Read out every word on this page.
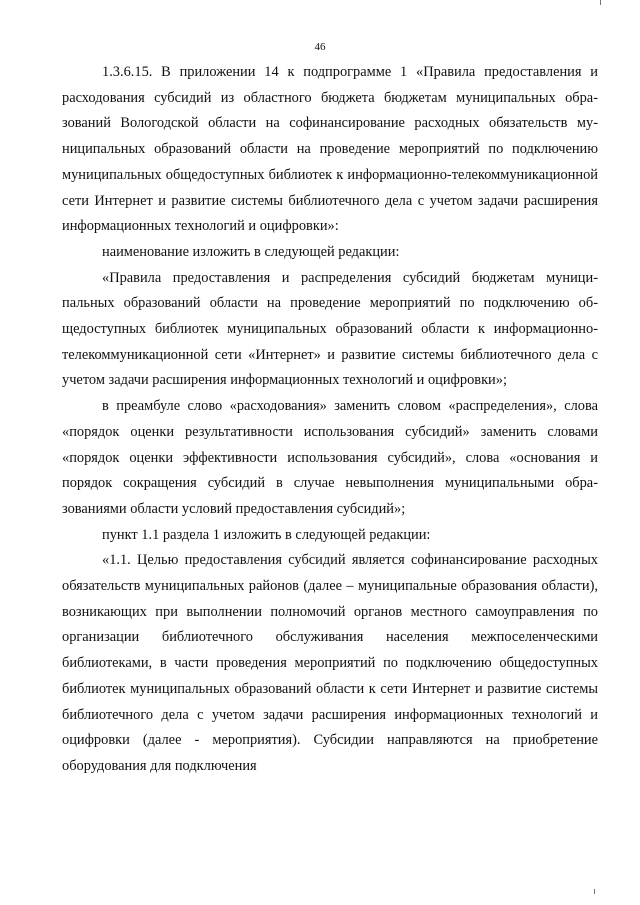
46

1.3.6.15. В приложении 14 к подпрограмме 1 «Правила предоставления и расходования субсидий из областного бюджета бюджетам муниципальных образований Вологодской области на софинансирование расходных обязательств муниципальных образований области на проведение мероприятий по подключению муниципальных общедоступных библиотек к информационно-телекоммуникационной сети Интернет и развитие системы библиотечного дела с учетом задачи расширения информационных технологий и оцифровки»:

наименование изложить в следующей редакции:

«Правила предоставления и распределения субсидий бюджетам муниципальных образований области на проведение мероприятий по подключению общедоступных библиотек муниципальных образований области к информационно-телекоммуникационной сети «Интернет» и развитие системы библиотечного дела с учетом задачи расширения информационных технологий и оцифровки»;

в преамбуле слово «расходования» заменить словом «распределения», слова «порядок оценки результативности использования субсидий» заменить словами «порядок оценки эффективности использования субсидий», слова «основания и порядок сокращения субсидий в случае невыполнения муниципальными образованиями области условий предоставления субсидий»;

пункт 1.1 раздела 1 изложить в следующей редакции:

«1.1. Целью предоставления субсидий является софинансирование расходных обязательств муниципальных районов (далее – муниципальные образования области), возникающих при выполнении полномочий органов местного самоуправления по организации библиотечного обслуживания населения межпоселенческими библиотеками, в части проведения мероприятий по подключению общедоступных библиотек муниципальных образований области к сети Интернет и развитие системы библиотечного дела с учетом задачи расширения информационных технологий и оцифровки (далее - мероприятия). Субсидии направляются на приобретение оборудования для подключения
